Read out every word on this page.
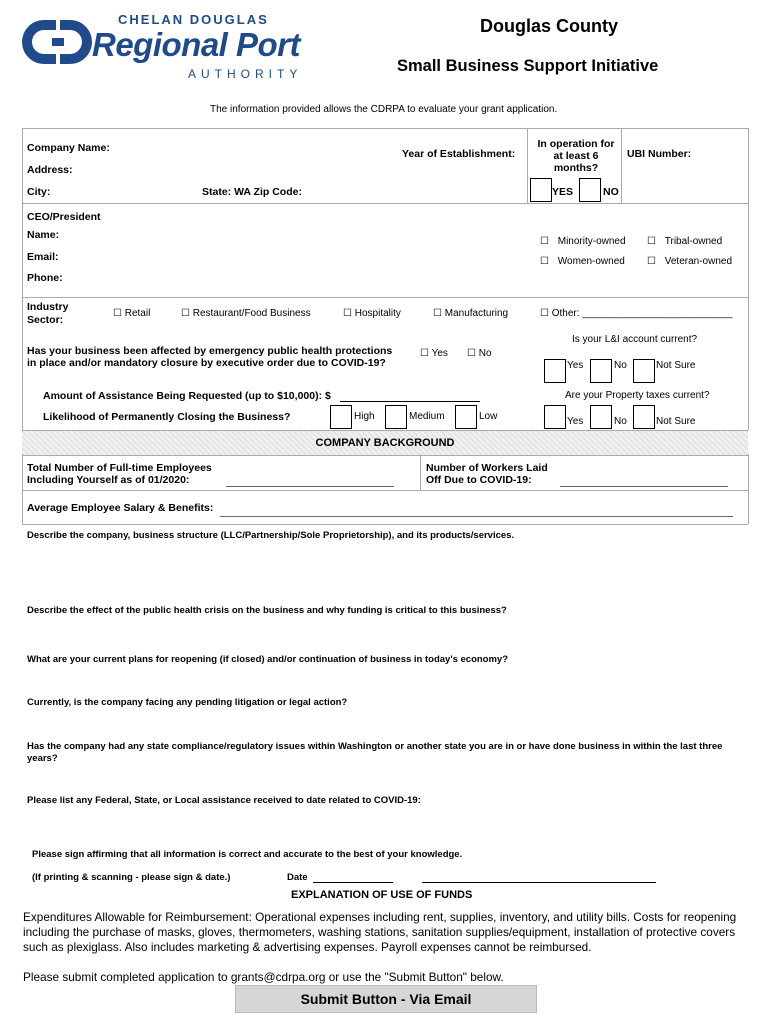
CHELAN DOUGLAS
Regional Port
AUTHORITY
Douglas County
Small Business Support Initiative
The information provided allows the CDRPA to evaluate your grant application.
Company Name:	Year of Establishment:
In operation for at least 6 months?
UBI Number:
Address:
City:	State: WA Zip Code:	YES	NO
CEO/President
Name:
Email:
Phone:
☐ Minority-owned ☐ Tribal-owned
☐ Women-owned ☐ Veteran-owned
Industry Sector:
☐ Retail	☐ Restaurant/Food Business	☐ Hospitality	☐ Manufacturing	☐ Other: ___________________________
Has your business been affected by emergency public health protections in place and/or mandatory closure by executive order due to COVID-19?
☐ Yes ☐ No
Is your L&I account current?
Yes	No	Not Sure
Amount of Assistance Being Requested (up to $10,000): $
Likelihood of Permanently Closing the Business?	High	Medium	Low
Are your Property taxes current?
Yes	No	Not Sure
COMPANY BACKGROUND
Total Number of Full-time Employees Including Yourself as of 01/2020:
Number of Workers Laid Off Due to COVID-19:
Average Employee Salary & Benefits:
Describe the company, business structure (LLC/Partnership/Sole Proprietorship), and its products/services.
Describe the effect of the public health crisis on the business and why funding is critical to this business?
What are your current plans for reopening (if closed) and/or continuation of business in today's economy?
Currently, is the company facing any pending litigation or legal action?
Has the company had any state compliance/regulatory issues within Washington or another state you are in or have done business in within the last three years?
Please list any Federal, State, or Local assistance received to date related to COVID-19:
Please sign affirming that all information is correct and accurate to the best of your knowledge.
(If printing & scanning - please sign & date.)	Date
EXPLANATION OF USE OF FUNDS
Expenditures Allowable for Reimbursement: Operational expenses including rent, supplies, inventory, and utility bills. Costs for reopening including the purchase of masks, gloves, thermometers, washing stations, sanitation supplies/equipment, installation of protective covers such as plexiglass. Also includes marketing & advertising expenses. Payroll expenses cannot be reimbursed.
Please submit completed application to grants@cdrpa.org or use the "Submit Button" below.
Submit Button - Via Email
